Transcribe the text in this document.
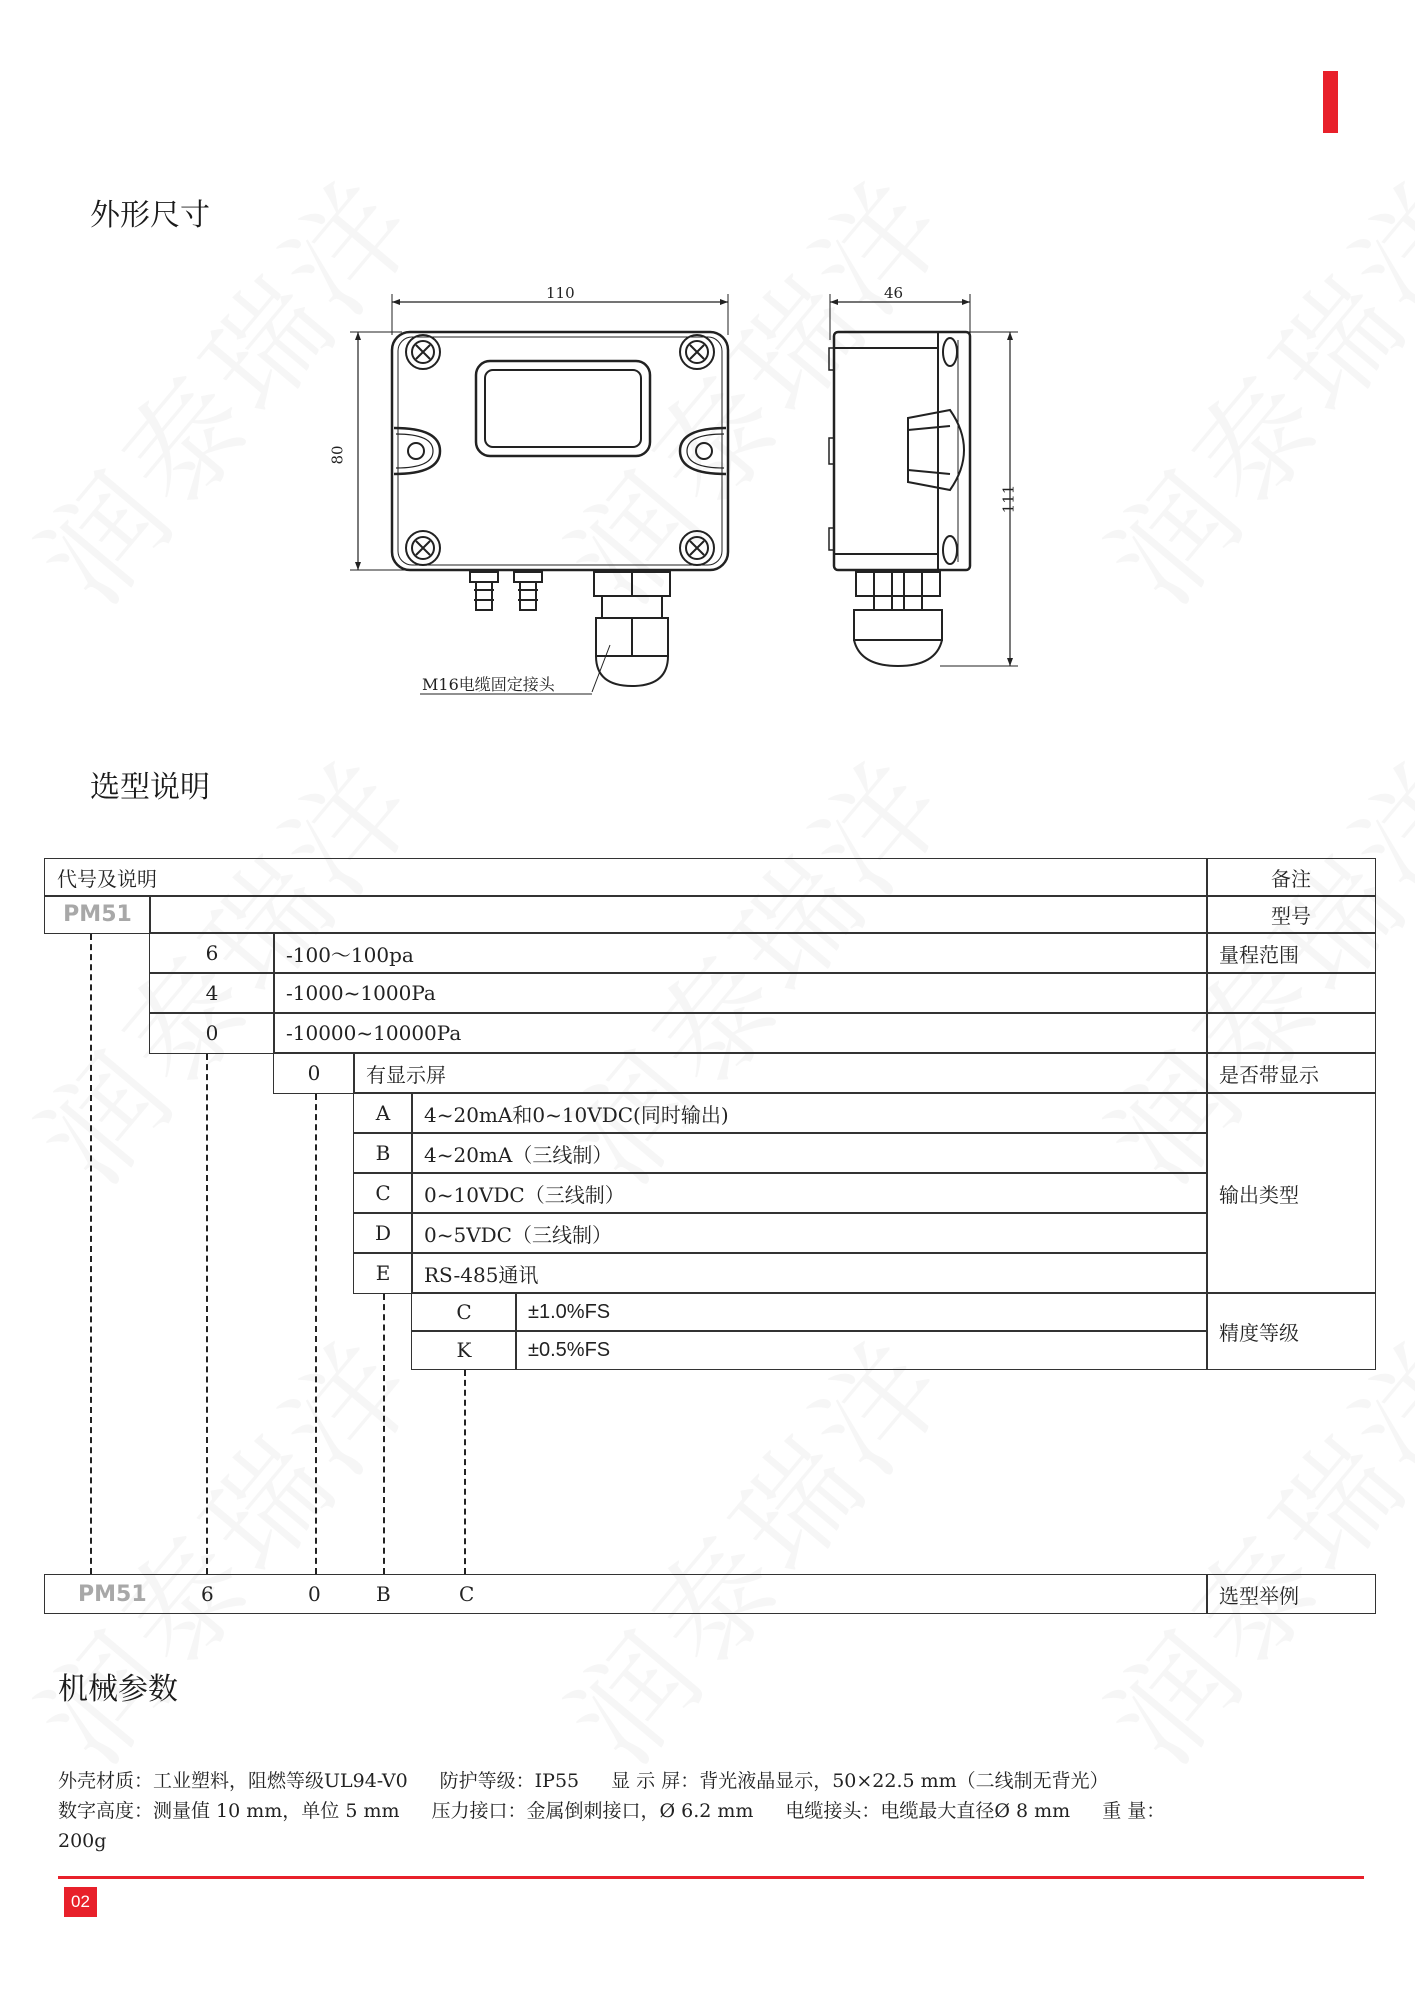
外形尺寸
110
80
M16电缆固定接头
46
111
选型说明
代号及说明	备注
PM51	型号
6	-100～100pa	量程范围
4	-1000~1000Pa
0	-10000~10000Pa
0 有显示屏	是否带显示
A 4~20mA和0~10VDC(同时输出)
B 4~20mA（三线制）
C 0~10VDC（三线制）
D 0~5VDC（三线制）
E RS-485通讯
输出类型
C	±1.0%FS
K	±0.5%FS
精度等级
PM51	6	0	B	C	选型举例
机械参数
外壳材质：工业塑料，阻燃等级UL94-V0 防护等级：IP55 显 示 屏：背光液晶显示，50×22.5 mm（二线制无背光）
数字高度：测量值 10 mm，单位 5 mm 压力接口：金属倒刺接口，Ø 6.2 mm 电缆接头：电缆最大直径Ø 8 mm 重 量：
200g
02
